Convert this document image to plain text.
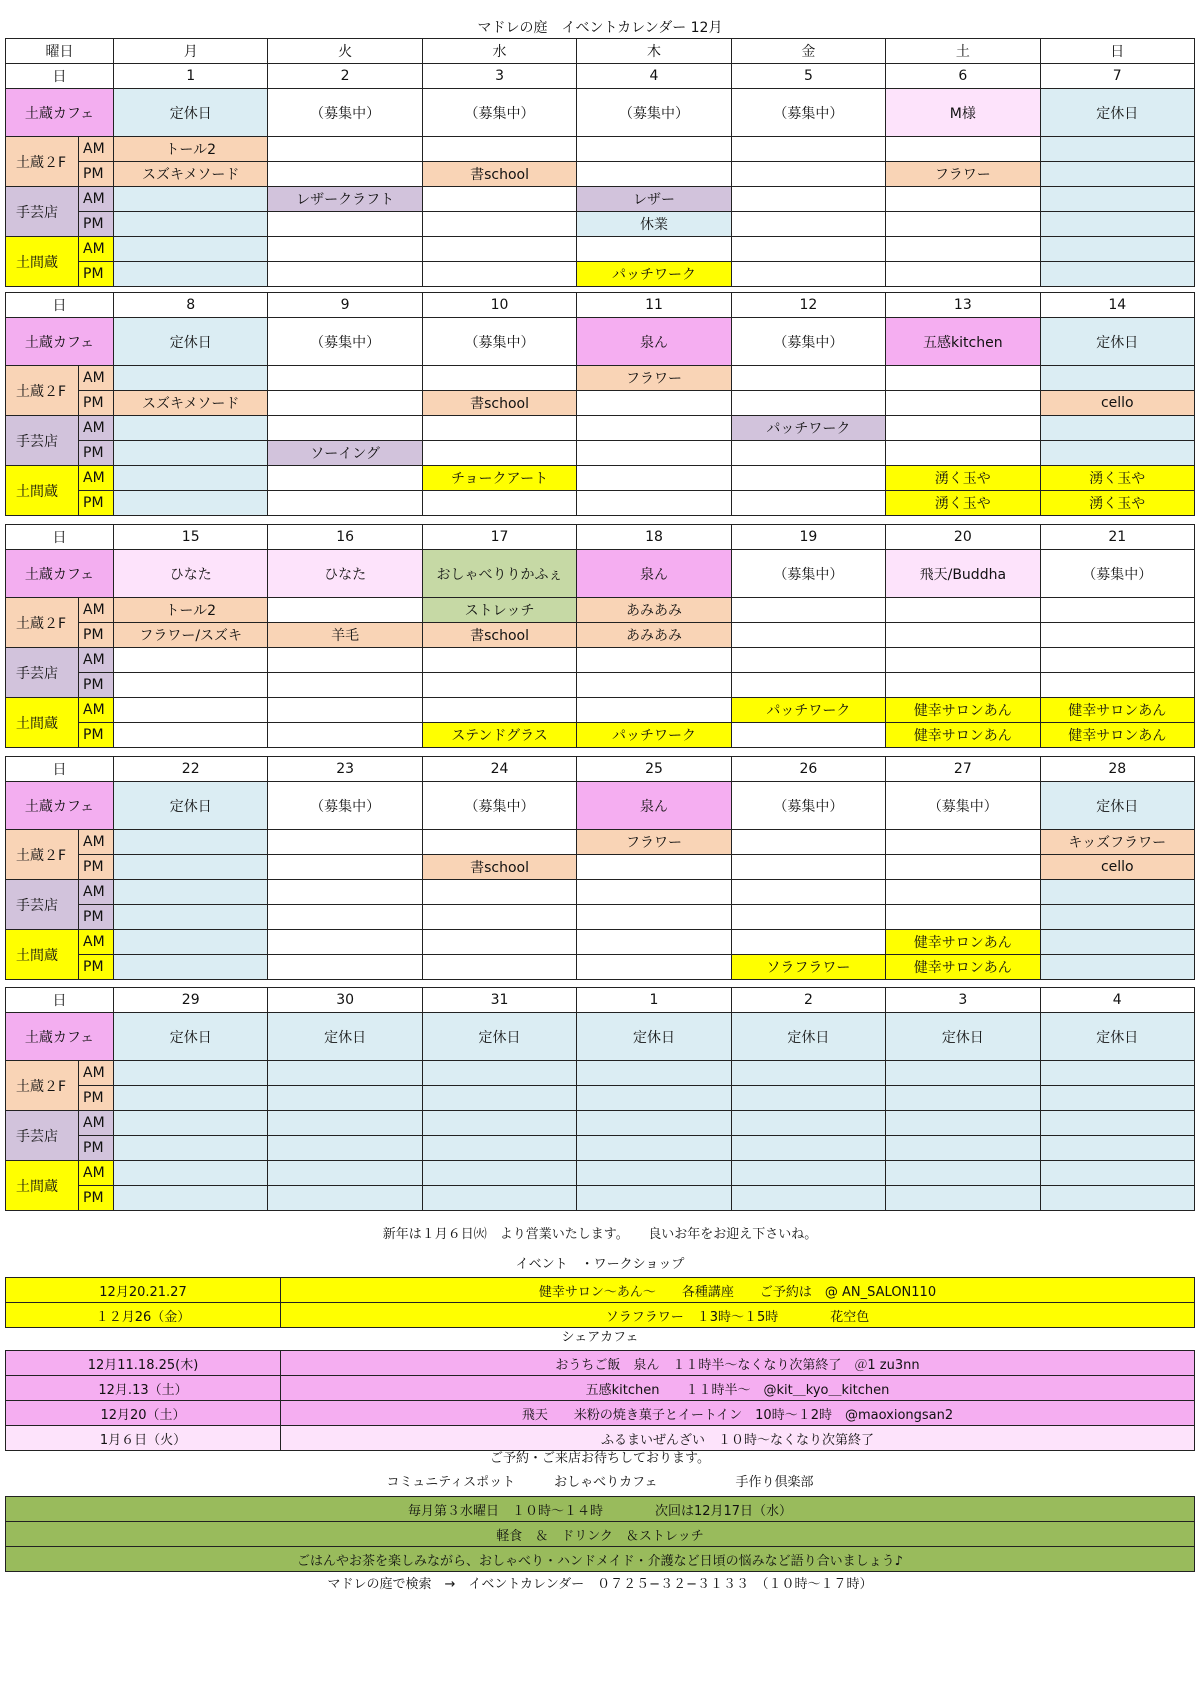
マドレの庭　イベントカレンダー 12月
曜日		月	火	水	木	金	土	日
日		1	2	3	4	5	6	7
土蔵カフェ		定休日	（募集中）	（募集中）	（募集中）	（募集中）	M様	定休日
土蔵２F	AM	トール2						
	PM	スズキメソード		書school			フラワー	
手芸店	AM		レザークラフト		レザー			
	PM				休業			
土間蔵	AM							
	PM				パッチワーク			
日		8	9	10	11	12	13	14
土蔵カフェ		定休日	（募集中）	（募集中）	泉ん	（募集中）	五感kitchen	定休日
土蔵２F	AM				フラワー			
	PM	スズキメソード		書school				cello
手芸店	AM					パッチワーク		
	PM		ソーイング					
土間蔵	AM			チョークアート			湧く玉や	湧く玉や
	PM						湧く玉や	湧く玉や
日		15	16	17	18	19	20	21
土蔵カフェ		ひなた	ひなた	おしゃべりりかふぇ	泉ん	（募集中）	飛天/Buddha	（募集中）
土蔵２F	AM	トール2		ストレッチ	あみあみ			
	PM	フラワー/スズキ	羊毛	書school	あみあみ			
手芸店	AM							
	PM							
土間蔵	AM					パッチワーク	健幸サロンあん	健幸サロンあん
	PM			ステンドグラス	パッチワーク		健幸サロンあん	健幸サロンあん
日		22	23	24	25	26	27	28
土蔵カフェ		定休日	（募集中）	（募集中）	泉ん	（募集中）	（募集中）	定休日
土蔵２F	AM				フラワー			キッズフラワー
	PM			書school				cello
手芸店	AM							
	PM							
土間蔵	AM						健幸サロンあん	
	PM					ソラフラワー	健幸サロンあん	
日		29	30	31	1	2	3	4
土蔵カフェ		定休日	定休日	定休日	定休日	定休日	定休日	定休日
土蔵２F	AM							
	PM							
手芸店	AM							
	PM							
土間蔵	AM							
	PM							
新年は１月６日㈫　より営業いたします。　　良いお年をお迎え下さいね。
イベント　・ワークショップ
12月20.21.27	健幸サロン～あん～　　各種講座　　ご予約は　@ AN_SALON110
１２月26（金）	ソラフラワー　１3時～１5時　　　　花空色
シェアカフェ
12月11.18.25(木)	おうちご飯　泉ん　１１時半～なくなり次第終了　＠1 zu3nn
12月.13（土）	五感kitchen　　１１時半～　@kit＿kyo＿kitchen
12月20（土）	飛天　　米粉の焼き菓子とイートイン　10時～１2時　@maoxiongsan2
1月６日（火）	ふるまいぜんざい　１０時～なくなり次第終了
ご予約・ご来店お待ちしております。
コミュニティスポット　　　おしゃべりカフェ　　　　　　手作り倶楽部
毎月第３水曜日　１０時～１４時　　　　次回は12月17日（水）
軽食　＆　ドリンク　＆ストレッチ
ごはんやお茶を楽しみながら、おしゃべり・ハンドメイド・介護など日頃の悩みなど語り合いましょう♪
マドレの庭で検索　→　イベントカレンダー　０７２５−３２−３１３３　（１０時～１７時）
